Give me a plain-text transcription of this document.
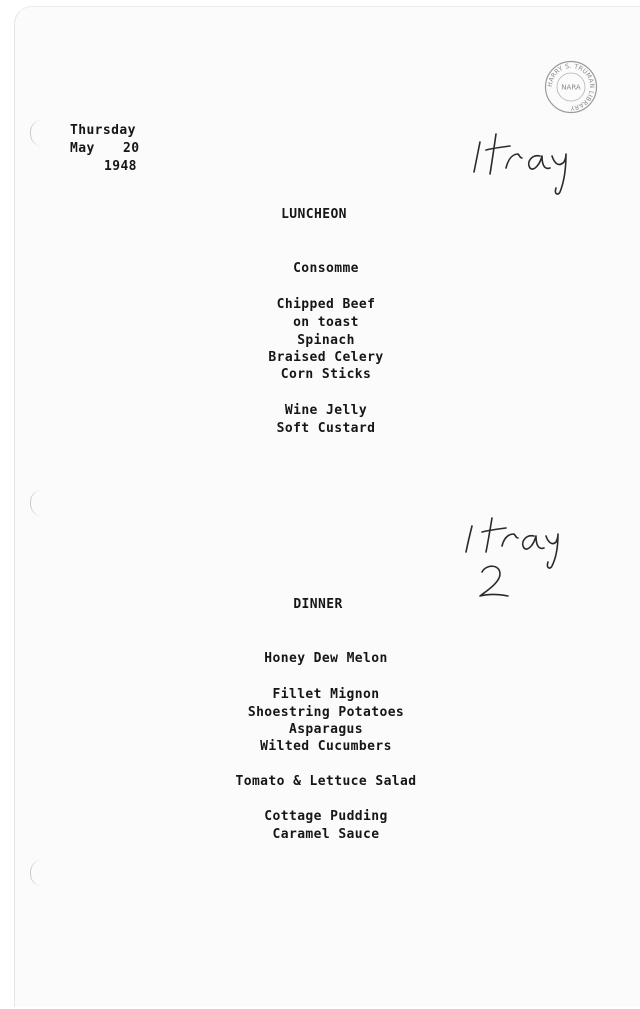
Thursday
May 20
1948
HARRY S. TRUMAN LIBRARY
NARA
LUNCHEON
Consomme
Chipped Beef
on toast
Spinach
Braised Celery
Corn Sticks
Wine Jelly
Soft Custard
DINNER
Honey Dew Melon
Fillet Mignon
Shoestring Potatoes
Asparagus
Wilted Cucumbers
Tomato & Lettuce Salad
Cottage Pudding
Caramel Sauce
